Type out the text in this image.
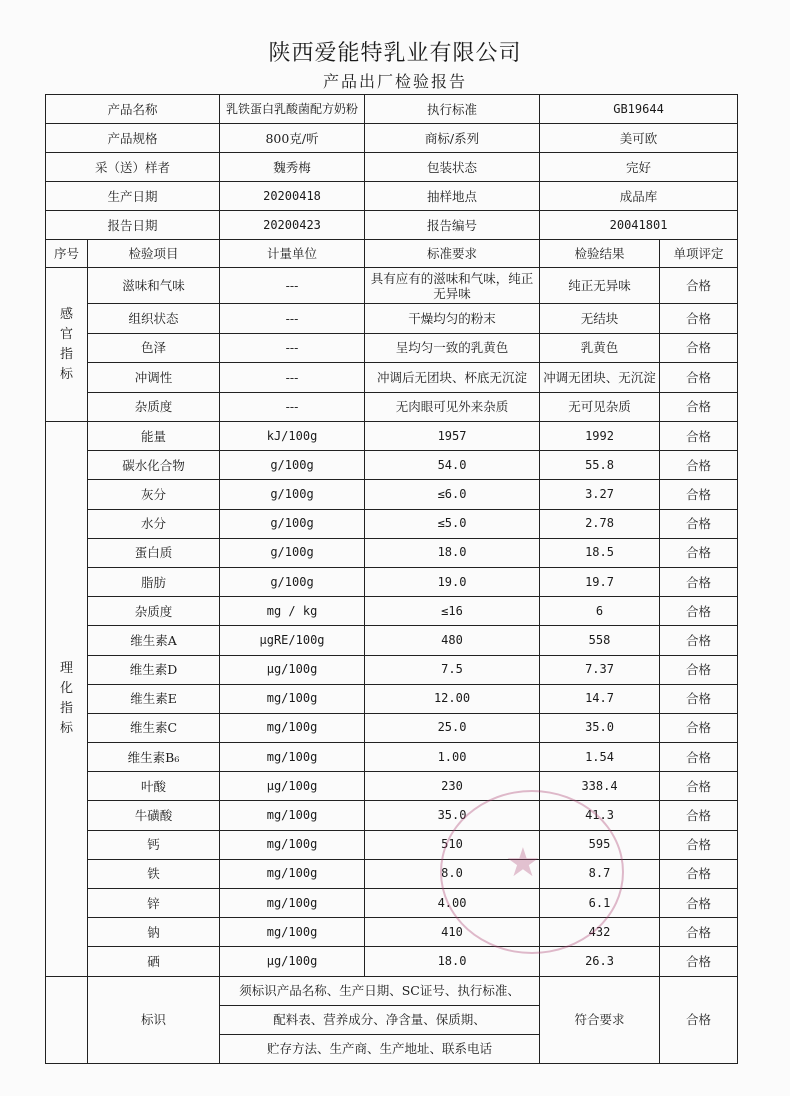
陕西爱能特乳业有限公司
产品出厂检验报告
产品名称		乳铁蛋白乳酸菌配方奶粉	执行标准	GB19644	
产品规格		800克/听	商标/系列	美可欧	
采（送）样者		魏秀梅	包装状态	完好	
生产日期		20200418	抽样地点	成品库	
报告日期		20200423	报告编号	20041801	
序号	检验项目	计量单位	标准要求	检验结果	单项评定
感官指标	滋味和气味	---	具有应有的滋味和气味，纯正无异味	纯正无异味	合格
	组织状态	---	干燥均匀的粉末	无结块	合格
	色泽	---	呈均匀一致的乳黄色	乳黄色	合格
	冲调性	---	冲调后无团块、杯底无沉淀	冲调无团块、无沉淀	合格
	杂质度	---	无肉眼可见外来杂质	无可见杂质	合格
理化指标	能量	kJ/100g	1957	1992	合格
	碳水化合物	g/100g	54.0	55.8	合格
	灰分	g/100g	≤6.0	3.27	合格
	水分	g/100g	≤5.0	2.78	合格
	蛋白质	g/100g	18.0	18.5	合格
	脂肪	g/100g	19.0	19.7	合格
	杂质度	mg / kg	≤16	6	合格
	维生素A	μgRE/100g	480	558	合格
	维生素D	μg/100g	7.5	7.37	合格
	维生素E	mg/100g	12.00	14.7	合格
	维生素C	mg/100g	25.0	35.0	合格
	维生素B₆	mg/100g	1.00	1.54	合格
	叶酸	μg/100g	230	338.4	合格
	牛磺酸	mg/100g	35.0	41.3	合格
	钙	mg/100g	510	595	合格
	铁	mg/100g	8.0	8.7	合格
	锌	mg/100g	4.00	6.1	合格
	钠	mg/100g	410	432	合格
	硒	μg/100g	18.0	26.3	合格
	标识	须标识产品名称、生产日期、SC证号、执行标准、
配料表、营养成分、净含量、保质期、
贮存方法、生产商、生产地址、联系电话		符合要求	合格
★
